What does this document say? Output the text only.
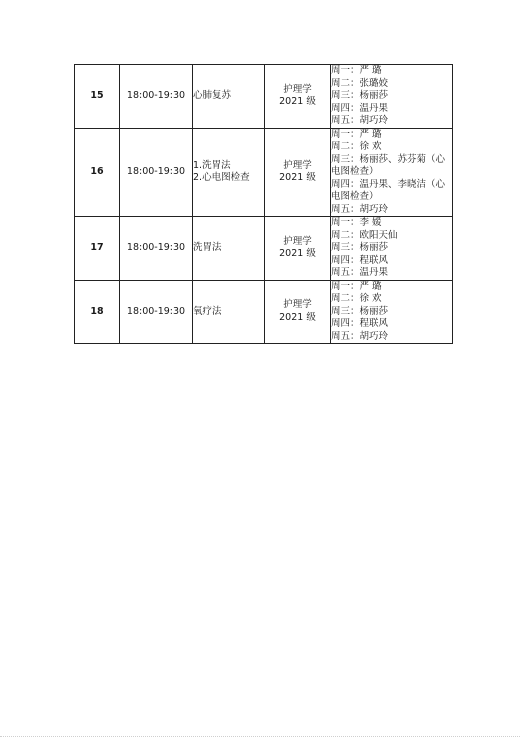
15	18:00-19:30	心肺复苏	护理学
2021 级	周一：严 璐
周二：张璐姣
周三：杨丽莎
周四：温丹果
周五：胡巧玲

16	18:00-19:30	1.洗胃法
2.心电图检查	护理学
2021 级	周一：严 璐
周二：徐 欢
周三：杨丽莎、苏芬菊（心电图检查）
周四：温丹果、李晓洁（心电图检查）
周五：胡巧玲

17	18:00-19:30	洗胃法	护理学
2021 级	周一：李 媛
周二：欧阳天仙
周三：杨丽莎
周四：程联风
周五：温丹果

18	18:00-19:30	氧疗法	护理学
2021 级	周一：严 璐
周二：徐 欢
周三：杨丽莎
周四：程联风
周五：胡巧玲
